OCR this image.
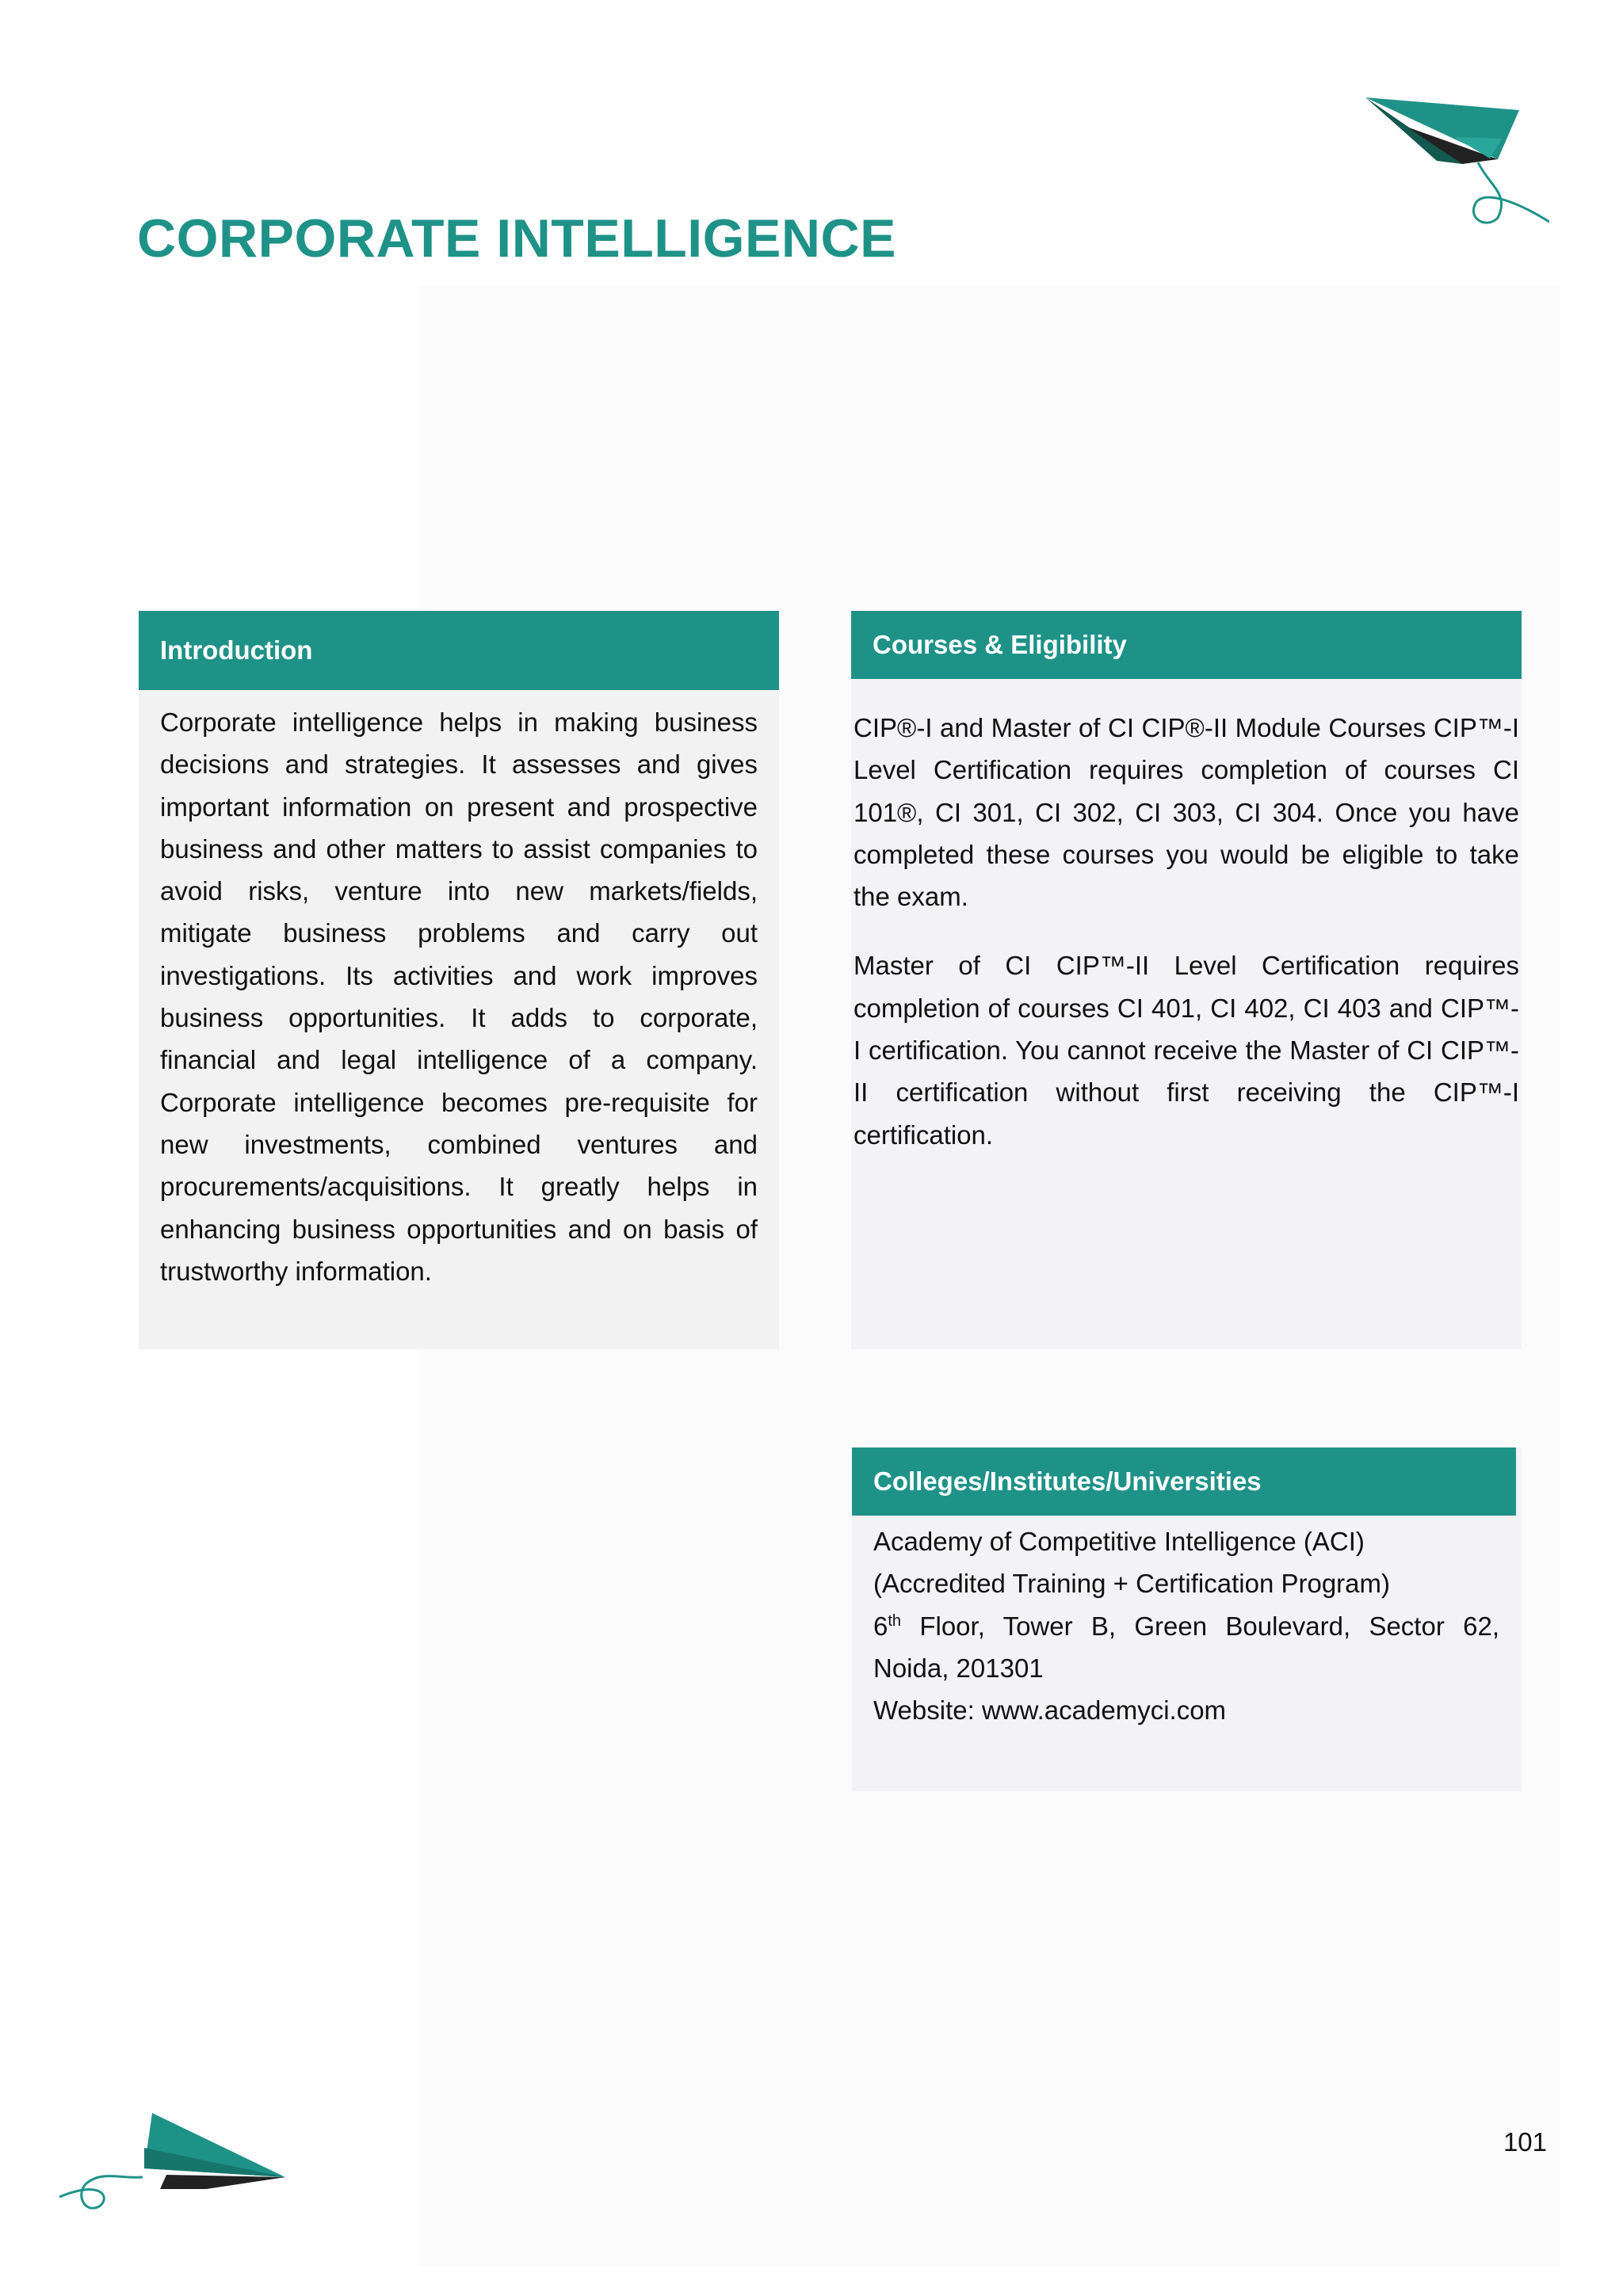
CORPORATE INTELLIGENCE
Introduction

Corporate intelligence helps in making business decisions and strategies. It assesses and gives important information on present and prospective business and other matters to assist companies to avoid risks, venture into new markets/fields, mitigate business problems and carry out investigations. Its activities and work improves business opportunities. It adds to corporate, financial and legal intelligence of a company. Corporate intelligence becomes pre-requisite for new investments, combined ventures and procurements/acquisitions. It greatly helps in enhancing business opportunities and on basis of trustworthy information.

Courses & Eligibility

CIP®-I and Master of CI CIP®-II Module Courses CIP™-I Level Certification requires completion of courses CI 101®, CI 301, CI 302, CI 303, CI 304. Once you have completed these courses you would be eligible to take the exam.

Master of CI CIP™-II Level Certification requires completion of courses CI 401, CI 402, CI 403 and CIP™-I certification. You cannot receive the Master of CI CIP™-II certification without first receiving the CIP™-I certification.

Colleges/Institutes/Universities
Academy of Competitive Intelligence (ACI)
(Accredited Training + Certification Program)
6th Floor, Tower B, Green Boulevard, Sector 62,
Noida, 201301
Website: www.academyci.com
101
